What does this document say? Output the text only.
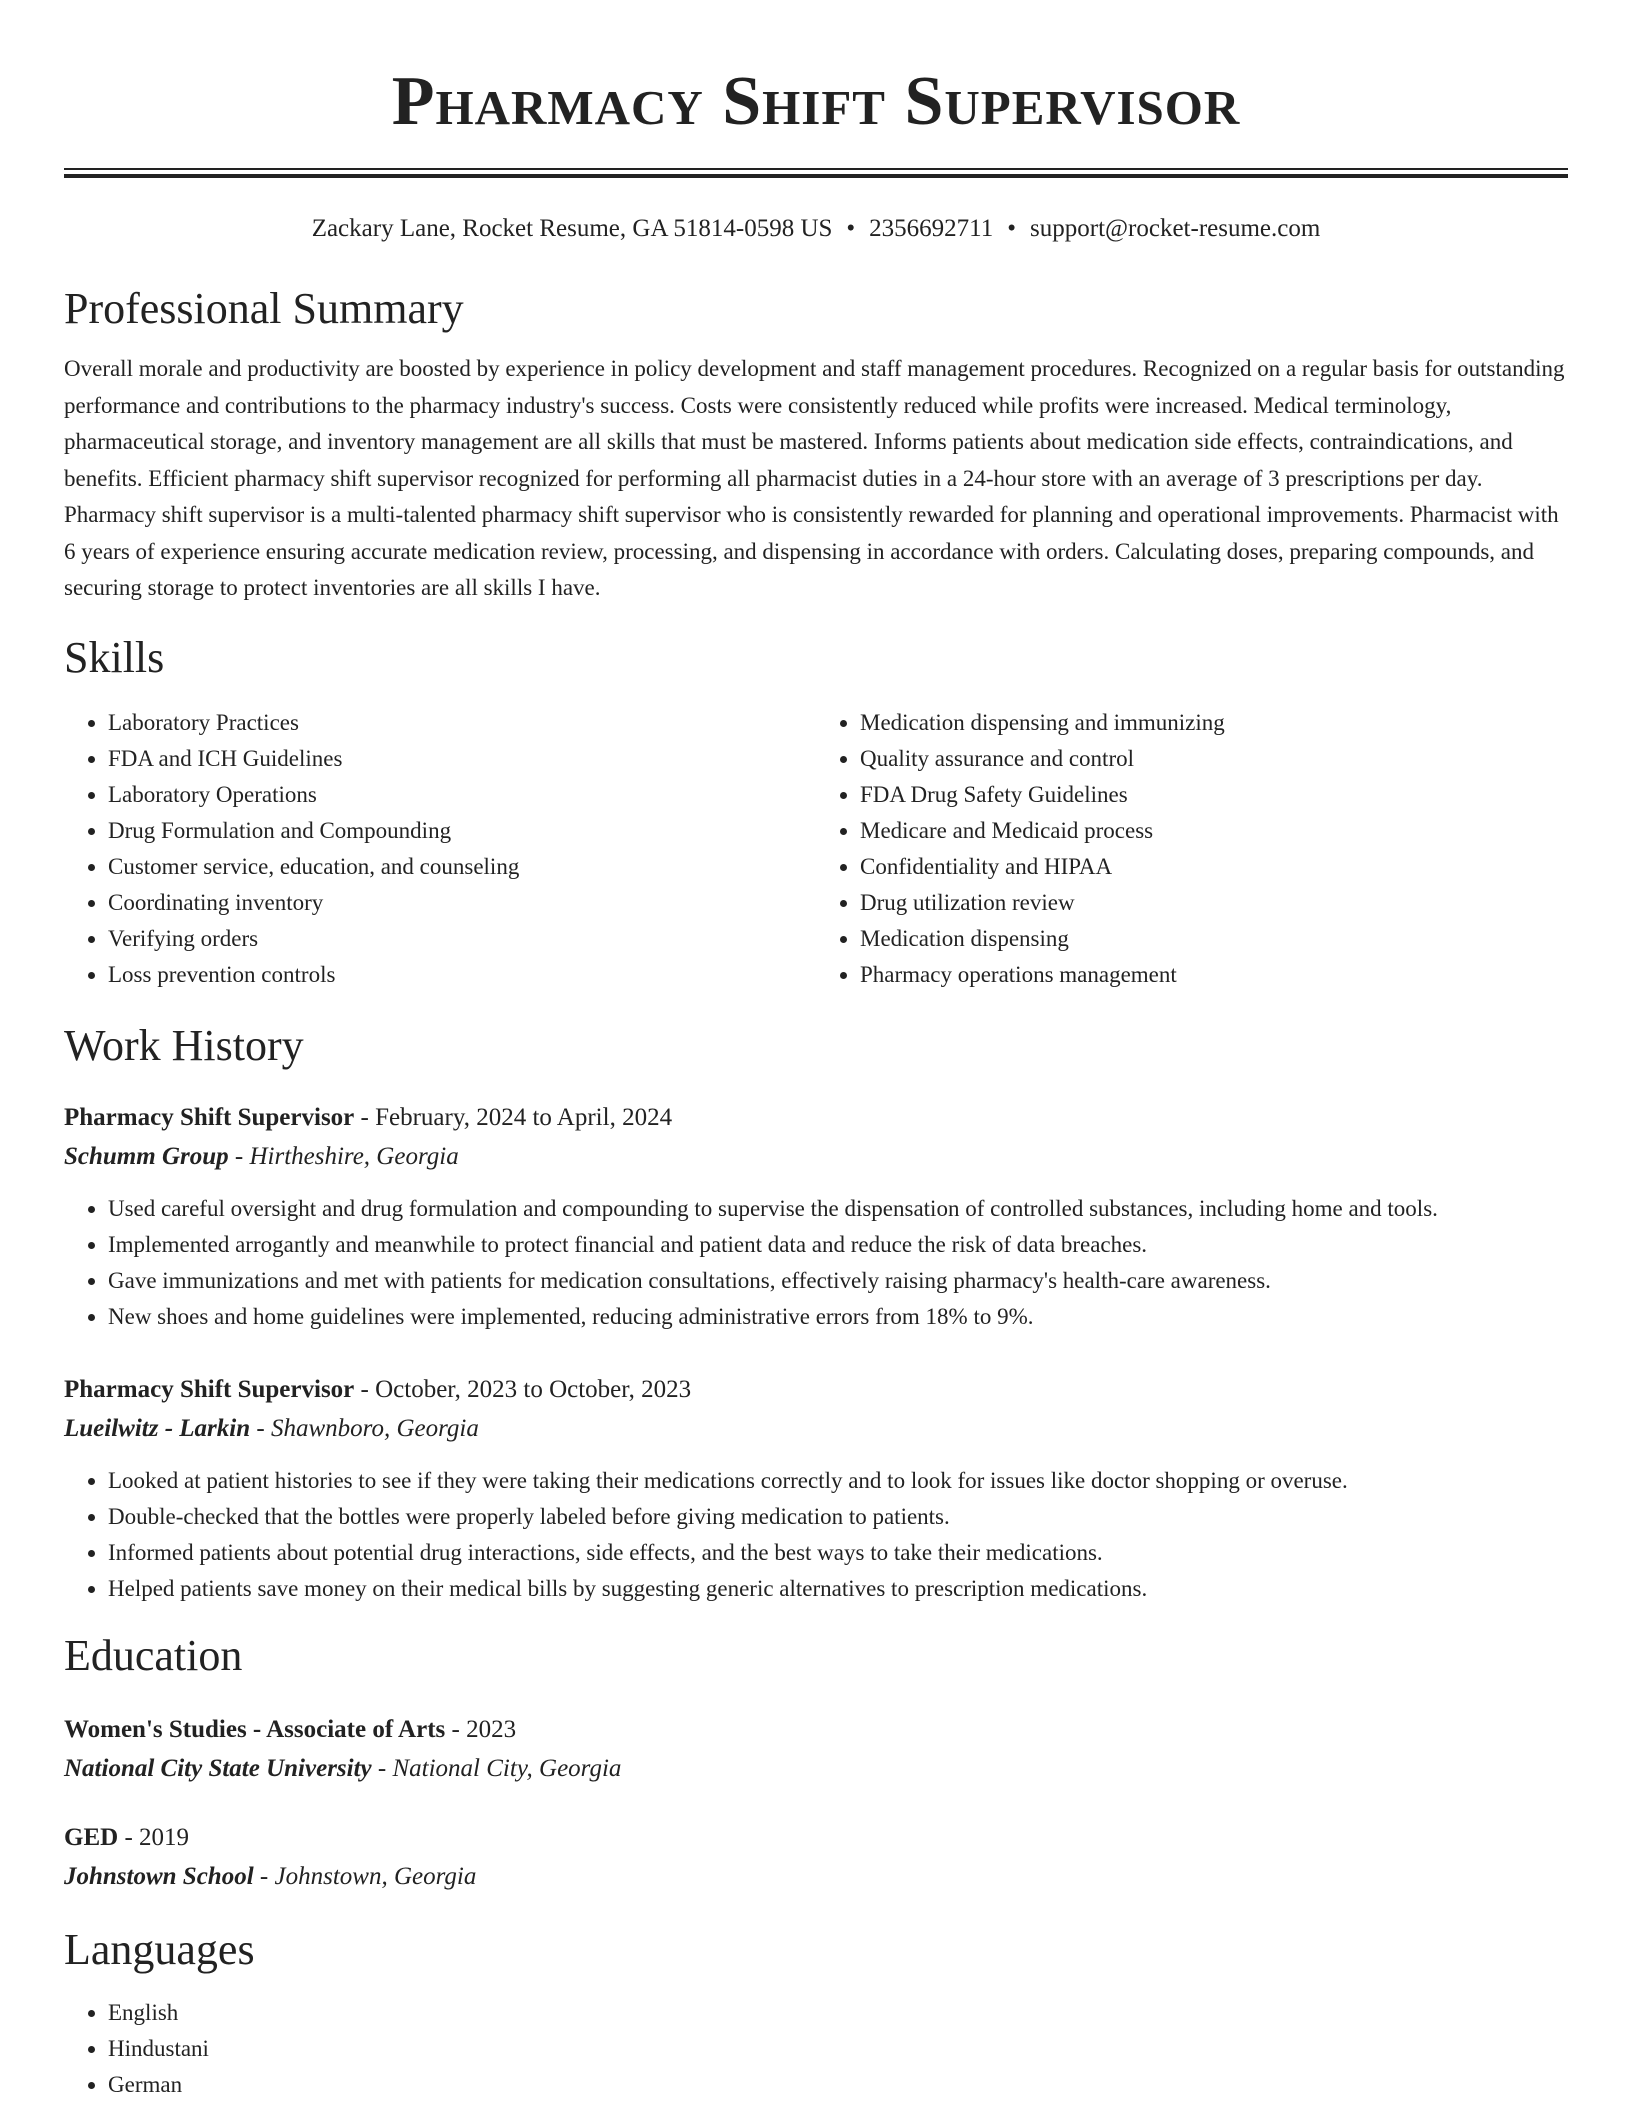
Pharmacy Shift Supervisor
Zackary Lane, Rocket Resume, GA 51814-0598 US • 2356692711 • support@rocket-resume.com
Professional Summary

Overall morale and productivity are boosted by experience in policy development and staff management procedures. Recognized on a regular basis for outstanding performance and contributions to the pharmacy industry's success. Costs were consistently reduced while profits were increased. Medical terminology, pharmaceutical storage, and inventory management are all skills that must be mastered. Informs patients about medication side effects, contraindications, and benefits. Efficient pharmacy shift supervisor recognized for performing all pharmacist duties in a 24-hour store with an average of 3 prescriptions per day. Pharmacy shift supervisor is a multi-talented pharmacy shift supervisor who is consistently rewarded for planning and operational improvements. Pharmacist with 6 years of experience ensuring accurate medication review, processing, and dispensing in accordance with orders. Calculating doses, preparing compounds, and securing storage to protect inventories are all skills I have.

Skills
• Laboratory Practices
• FDA and ICH Guidelines
• Laboratory Operations
• Drug Formulation and Compounding
• Customer service, education, and counseling
• Coordinating inventory
• Verifying orders
• Loss prevention controls
• Medication dispensing and immunizing
• Quality assurance and control
• FDA Drug Safety Guidelines
• Medicare and Medicaid process
• Confidentiality and HIPAA
• Drug utilization review
• Medication dispensing
• Pharmacy operations management
Work History
Pharmacy Shift Supervisor - February, 2024 to April, 2024
Schumm Group - Hirtheshire, Georgia
• Used careful oversight and drug formulation and compounding to supervise the dispensation of controlled substances, including home and tools.
• Implemented arrogantly and meanwhile to protect financial and patient data and reduce the risk of data breaches.
• Gave immunizations and met with patients for medication consultations, effectively raising pharmacy's health-care awareness.
• New shoes and home guidelines were implemented, reducing administrative errors from 18% to 9%.
Pharmacy Shift Supervisor - October, 2023 to October, 2023
Lueilwitz - Larkin - Shawnboro, Georgia
• Looked at patient histories to see if they were taking their medications correctly and to look for issues like doctor shopping or overuse.
• Double-checked that the bottles were properly labeled before giving medication to patients.
• Informed patients about potential drug interactions, side effects, and the best ways to take their medications.
• Helped patients save money on their medical bills by suggesting generic alternatives to prescription medications.
Education
Women's Studies - Associate of Arts - 2023
National City State University - National City, Georgia
GED - 2019
Johnstown School - Johnstown, Georgia
Languages
• English
• Hindustani
• German
